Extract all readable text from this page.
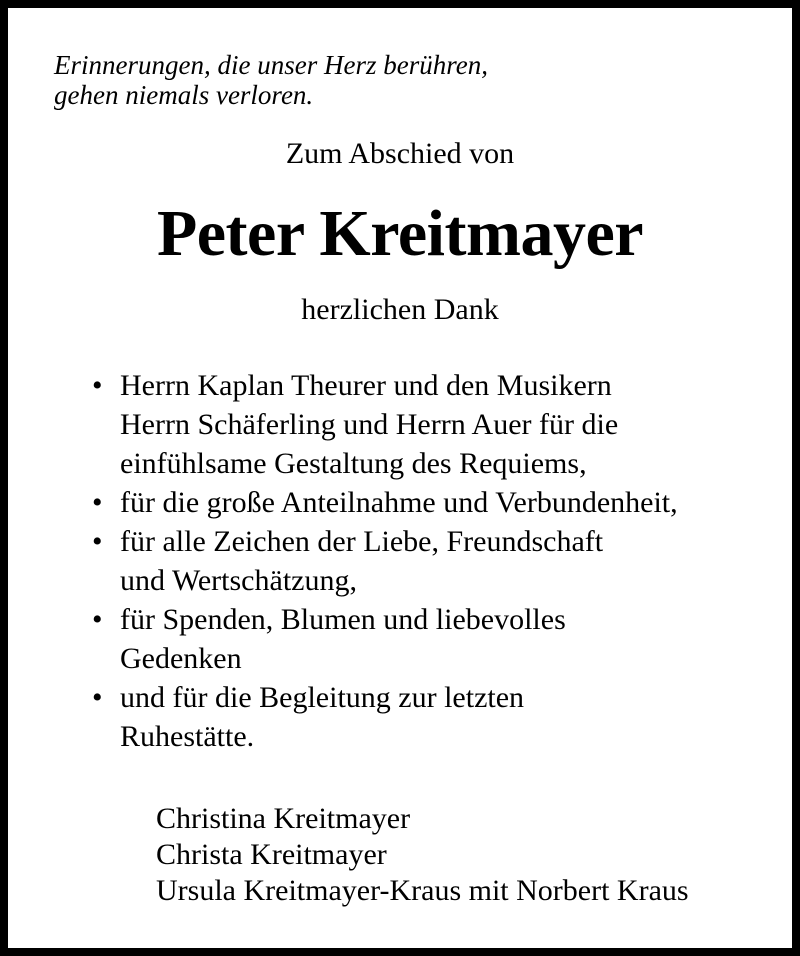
Erinnerungen, die unser Herz berühren,
gehen niemals verloren.
Zum Abschied von
Peter Kreitmayer
herzlichen Dank
• Herrn Kaplan Theurer und den Musikern
Herrn Schäferling und Herrn Auer für die
einfühlsame Gestaltung des Requiems,
• für die große Anteilnahme und Verbundenheit,
• für alle Zeichen der Liebe, Freundschaft
und Wertschätzung,
• für Spenden, Blumen und liebevolles
Gedenken
• und für die Begleitung zur letzten
Ruhestätte.
Christina Kreitmayer
Christa Kreitmayer
Ursula Kreitmayer-Kraus mit Norbert Kraus
